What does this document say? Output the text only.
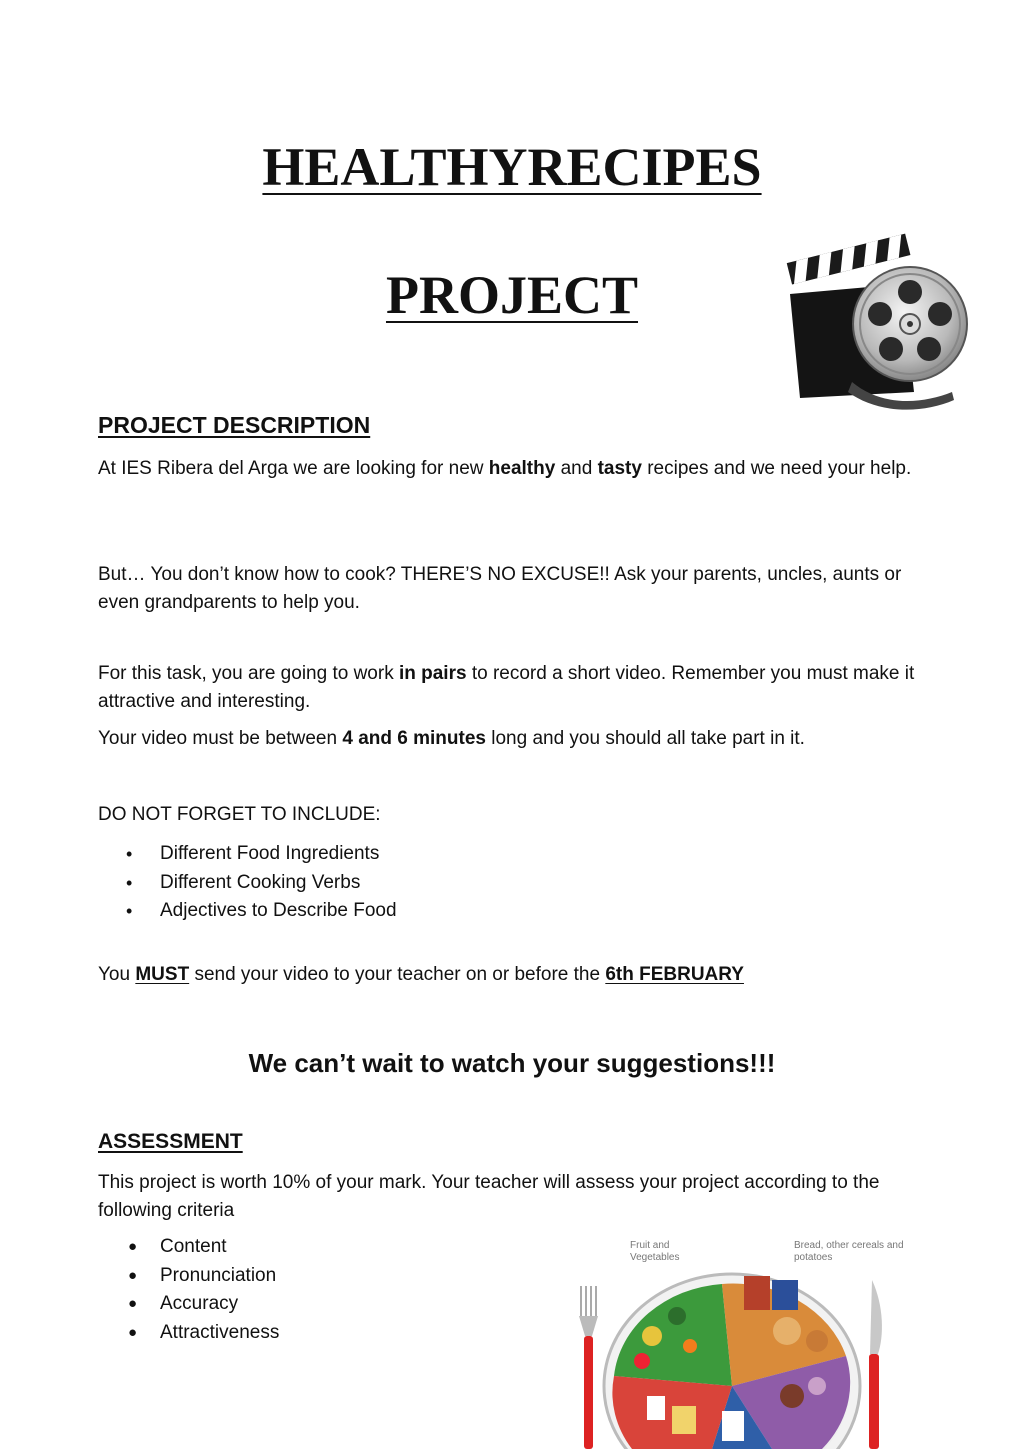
HEALTHYRECIPES
PROJECT
PROJECT DESCRIPTION

At IES Ribera del Arga we are looking for new healthy and tasty recipes and we need your help.

But… You don’t know how to cook? THERE’S NO EXCUSE!! Ask your parents, uncles, aunts or even grandparents to help you.

For this task, you are going to work in pairs to record a short video. Remember you must make it attractive and interesting.

Your video must be between 4 and 6 minutes long and you should all take part in it.

DO NOT FORGET TO INCLUDE:

• Different Food Ingredients
• Different Cooking Verbs
• Adjectives to Describe Food

You MUST send your video to your teacher on or before the 6th FEBRUARY

We can’t wait to watch your suggestions!!!

ASSESSMENT

This project is worth 10% of your mark. Your teacher will assess your project according to the following criteria

● Content
● Pronunciation
● Accuracy
● Attractiveness
Fruit and Vegetables
Bread, other cereals and potatoes
